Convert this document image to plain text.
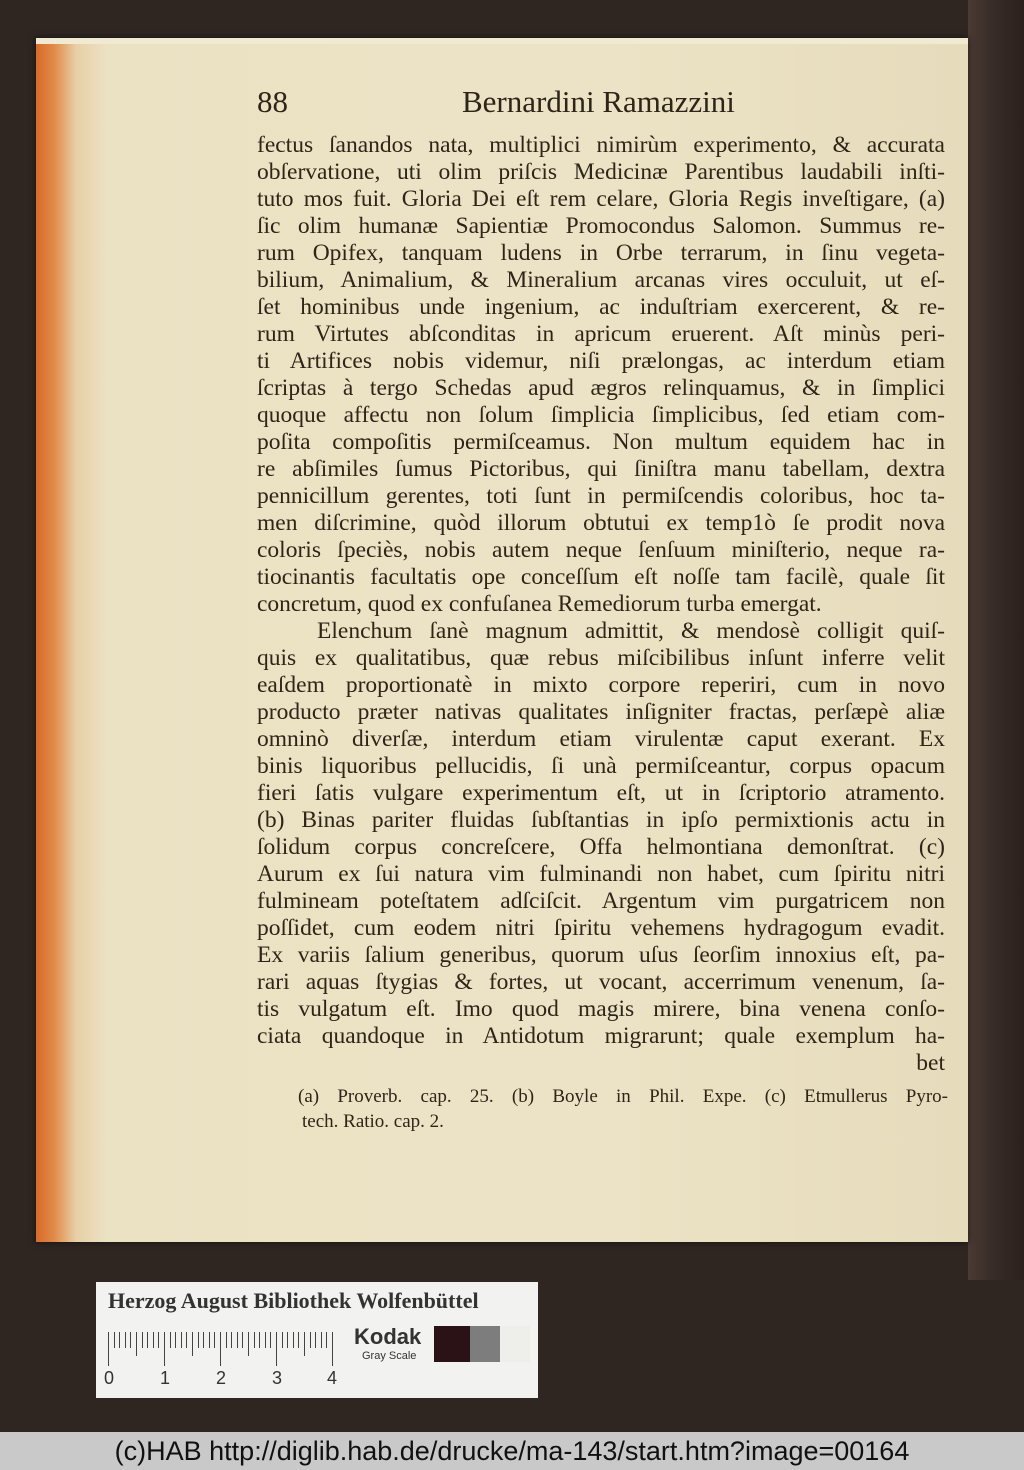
88	Bernardini Ramazzini
fectus ſanandos nata, multiplici nimirùm experimento, & accurata
obſervatione, uti olim priſcis Medicinæ Parentibus laudabili inſti-
tuto mos fuit. Gloria Dei eſt rem celare, Gloria Regis inveſtigare, (a)
ſic olim humanæ Sapientiæ Promocondus Salomon. Summus re-
rum Opifex, tanquam ludens in Orbe terrarum, in ſinu vegeta-
bilium, Animalium, & Mineralium arcanas vires occuluit, ut eſ-
ſet hominibus unde ingenium, ac induſtriam exercerent, & re-
rum Virtutes abſconditas in apricum eruerent. Aſt minùs peri-
ti Artifices nobis videmur, niſi prælongas, ac interdum etiam
ſcriptas à tergo Schedas apud ægros relinquamus, & in ſimplici
quoque affectu non ſolum ſimplicia ſimplicibus, ſed etiam com-
poſita compoſitis permiſceamus. Non multum equidem hac in
re abſimiles ſumus Pictoribus, qui ſiniſtra manu tabellam, dextra
pennicillum gerentes, toti ſunt in permiſcendis coloribus, hoc ta-
men diſcrimine, quòd illorum obtutui ex temp1ò ſe prodit nova
coloris ſpeciès, nobis autem neque ſenſuum miniſterio, neque ra-
tiocinantis facultatis ope conceſſum eſt noſſe tam facilè, quale ſit
concretum, quod ex confuſanea Remediorum turba emergat.
Elenchum ſanè magnum admittit, & mendosè colligit quiſ-
quis ex qualitatibus, quæ rebus miſcibilibus inſunt inferre velit
eaſdem proportionatè in mixto corpore reperiri, cum in novo
producto præter nativas qualitates inſigniter fractas, perſæpè aliæ
omninò diverſæ, interdum etiam virulentæ caput exerant. Ex
binis liquoribus pellucidis, ſi unà permiſceantur, corpus opacum
fieri ſatis vulgare experimentum eſt, ut in ſcriptorio atramento.
(b) Binas pariter fluidas ſubſtantias in ipſo permixtionis actu in
ſolidum corpus concreſcere, Offa helmontiana demonſtrat. (c)
Aurum ex ſui natura vim fulminandi non habet, cum ſpiritu nitri
fulmineam poteſtatem adſciſcit. Argentum vim purgatricem non
poſſidet, cum eodem nitri ſpiritu vehemens hydragogum evadit.
Ex variis ſalium generibus, quorum uſus ſeorſim innoxius eſt, pa-
rari aquas ſtygias & fortes, ut vocant, accerrimum venenum, ſa-
tis vulgatum eſt. Imo quod magis mirere, bina venena conſo-
ciata quandoque in Antidotum migrarunt; quale exemplum ha-
bet
(a) Proverb. cap. 25. (b) Boyle in Phil. Expe. (c) Etmullerus Pyro-
tech. Ratio. cap. 2.
Herzog August Bibliothek Wolfenbüttel
0	1	2	3 4
Kodak
Gray Scale
(c)HAB http://diglib.hab.de/drucke/ma-143/start.htm?image=00164
